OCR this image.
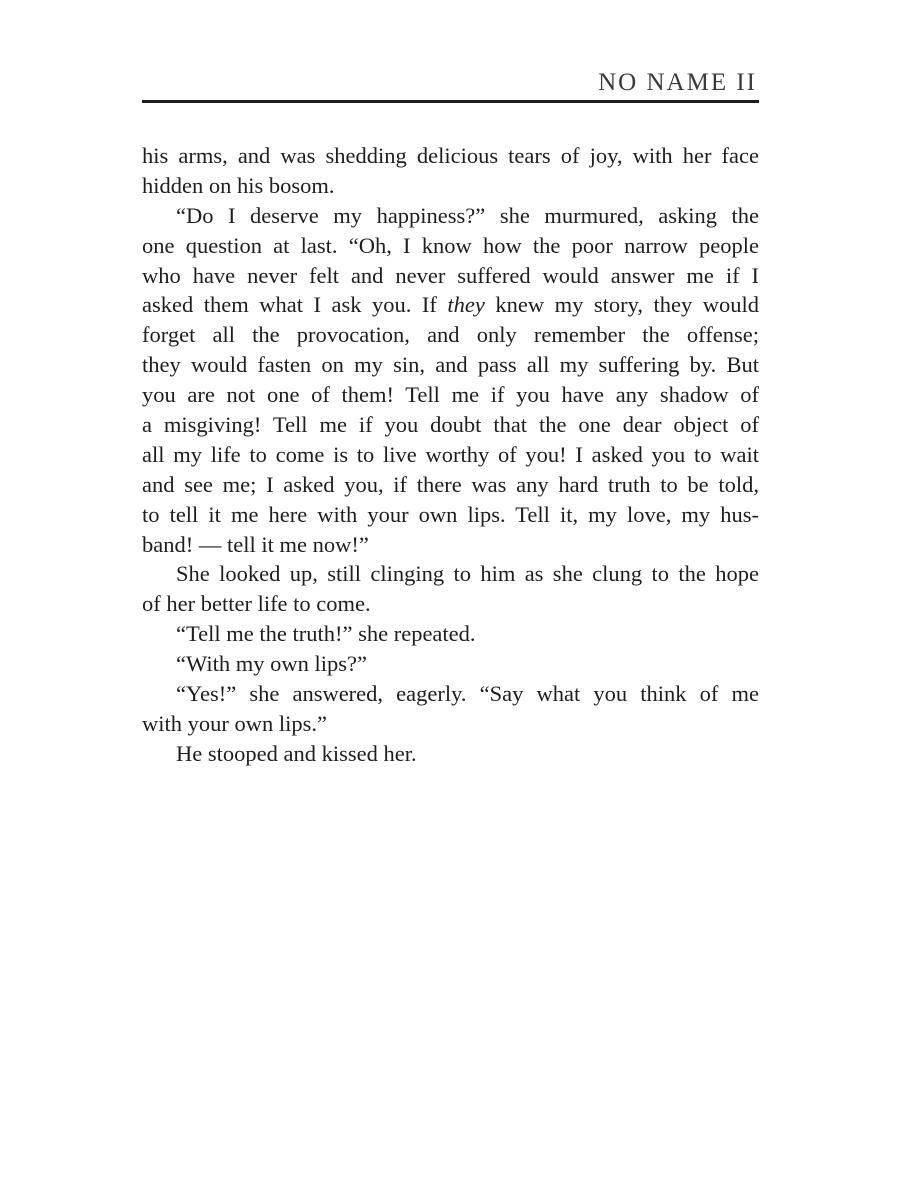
NO NAME II
his arms, and was shedding delicious tears of joy, with her face
hidden on his bosom.
“Do I deserve my happiness?” she murmured, asking the
one question at last. “Oh, I know how the poor narrow people
who have never felt and never suffered would answer me if I
asked them what I ask you. If they knew my story, they would
forget all the provocation, and only remember the offense;
they would fasten on my sin, and pass all my suffering by. But
you are not one of them! Tell me if you have any shadow of
a misgiving! Tell me if you doubt that the one dear object of
all my life to come is to live worthy of you! I asked you to wait
and see me; I asked you, if there was any hard truth to be told,
to tell it me here with your own lips. Tell it, my love, my hus-
band! — tell it me now!”
She looked up, still clinging to him as she clung to the hope
of her better life to come.
“Tell me the truth!” she repeated.
“With my own lips?”
“Yes!” she answered, eagerly. “Say what you think of me
with your own lips.”
He stooped and kissed her.
